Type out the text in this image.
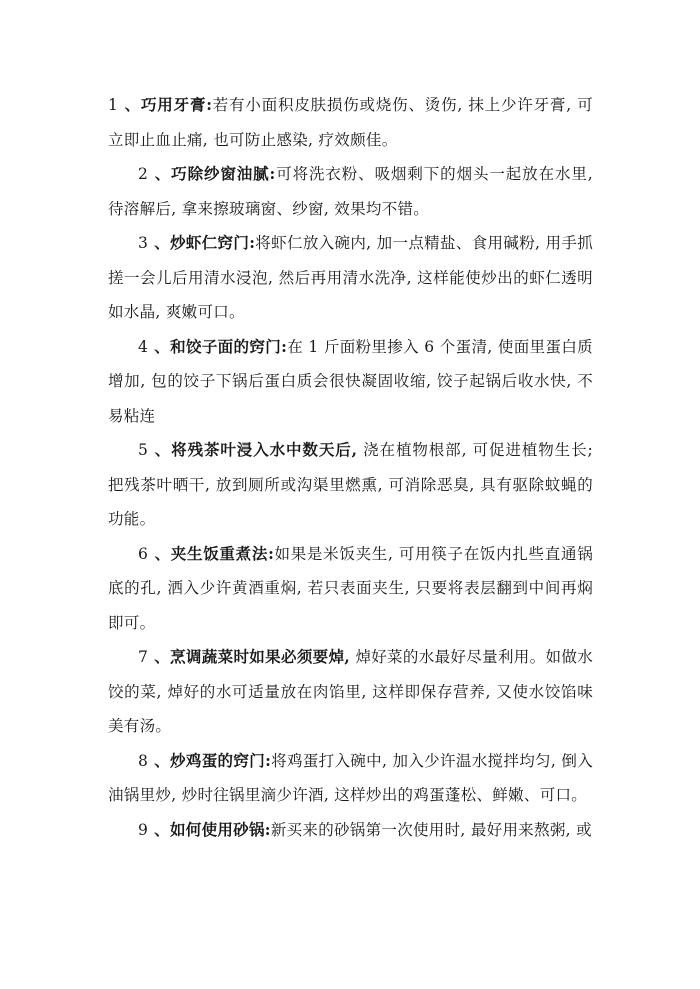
1 、巧用牙膏:若有小面积皮肤损伤或烧伤、烫伤, 抹上少许牙膏, 可立即止血止痛, 也可防止感染, 疗效颇佳。

2 、巧除纱窗油腻:可将洗衣粉、吸烟剩下的烟头一起放在水里, 待溶解后, 拿来擦玻璃窗、纱窗, 效果均不错。

3 、炒虾仁窍门:将虾仁放入碗内, 加一点精盐、食用碱粉, 用手抓搓一会儿后用清水浸泡, 然后再用清水洗净, 这样能使炒出的虾仁透明如水晶, 爽嫩可口。

4 、和饺子面的窍门:在 1 斤面粉里掺入 6 个蛋清, 使面里蛋白质增加, 包的饺子下锅后蛋白质会很快凝固收缩, 饺子起锅后收水快, 不易粘连

5 、将残茶叶浸入水中数天后, 浇在植物根部, 可促进植物生长; 把残茶叶晒干, 放到厕所或沟渠里燃熏, 可消除恶臭, 具有驱除蚊蝇的功能。

6 、夹生饭重煮法:如果是米饭夹生, 可用筷子在饭内扎些直通锅底的孔, 洒入少许黄酒重焖, 若只表面夹生, 只要将表层翻到中间再焖即可。

7 、烹调蔬菜时如果必须要焯, 焯好菜的水最好尽量利用。如做水饺的菜, 焯好的水可适量放在肉馅里, 这样即保存营养, 又使水饺馅味美有汤。

8 、炒鸡蛋的窍门:将鸡蛋打入碗中, 加入少许温水搅拌均匀, 倒入油锅里炒, 炒时往锅里滴少许酒, 这样炒出的鸡蛋蓬松、鲜嫩、可口。

9 、如何使用砂锅:新买来的砂锅第一次使用时, 最好用来熬粥, 或
